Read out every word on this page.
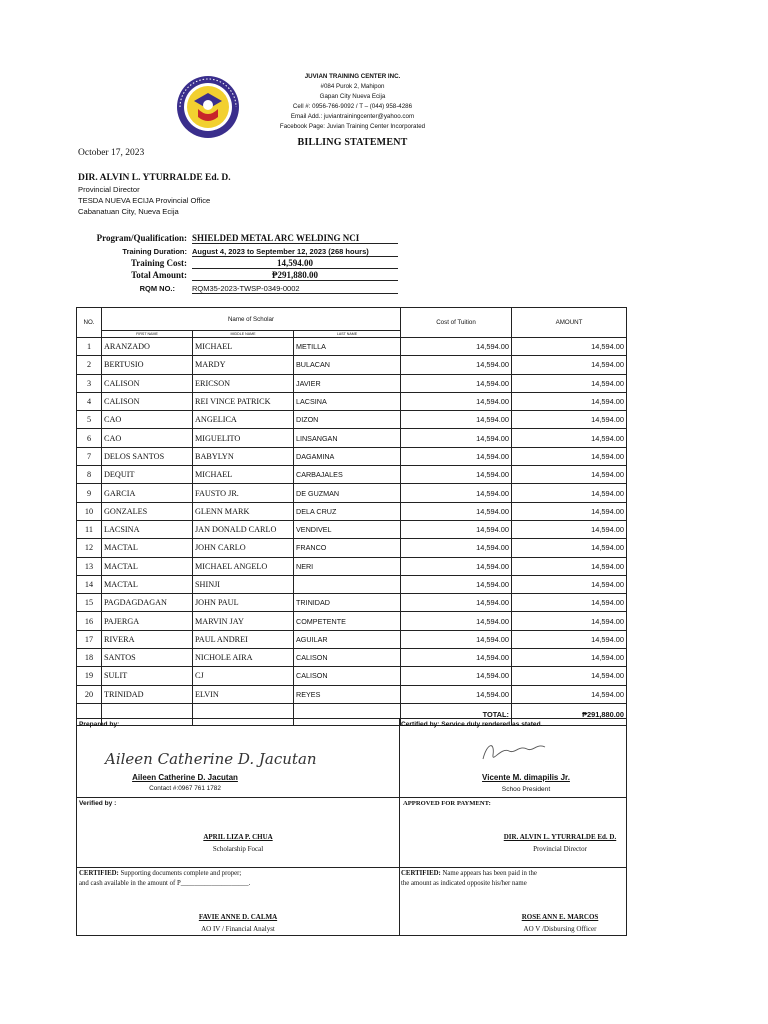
JUVIAN TRAINING CENTER INC.
#084 Purok 2, Mahipon
Gapan City Nueva Ecija
Cell #: 0956-766-9092 / T – (044) 958-4286
Email Add.: juviantrainingcenter@yahoo.com
Facebook Page: Juvian Training Center Incorporated
BILLING STATEMENT
October 17, 2023
DIR. ALVIN L. YTURRALDE Ed. D.
Provincial Director
TESDA NUEVA ECIJA Provincial Office
Cabanatuan City, Nueva Ecija
Program/Qualification: SHIELDED METAL ARC WELDING NCI
Training Duration: August 4, 2023 to September 12, 2023 (268 hours)
Training Cost:	14,594.00
Total Amount:	₱291,880.00
RQM NO.: RQM35-2023-TWSP-0349-0002
NO.	Name of Scholar			Cost of Tuition	AMOUNT
	FIRST NAME	MIDDLE NAME	LAST NAME		
1	ARANZADO	MICHAEL	METILLA	14,594.00	14,594.00
2	BERTUSIO	MARDY	BULACAN	14,594.00	14,594.00
3	CALISON	ERICSON	JAVIER	14,594.00	14,594.00
4	CALISON	REI VINCE PATRICK	LACSINA	14,594.00	14,594.00
5	CAO	ANGELICA	DIZON	14,594.00	14,594.00
6	CAO	MIGUELITO	LINSANGAN	14,594.00	14,594.00
7	DELOS SANTOS	BABYLYN	DAGAMINA	14,594.00	14,594.00
8	DEQUIT	MICHAEL	CARBAJALES	14,594.00	14,594.00
9	GARCIA	FAUSTO JR.	DE GUZMAN	14,594.00	14,594.00
10	GONZALES	GLENN MARK	DELA CRUZ	14,594.00	14,594.00
11	LACSINA	JAN DONALD CARLO	VENDIVEL	14,594.00	14,594.00
12	MACTAL	JOHN CARLO	FRANCO	14,594.00	14,594.00
13	MACTAL	MICHAEL ANGELO	NERI	14,594.00	14,594.00
14	MACTAL	SHINJI		14,594.00	14,594.00
15	PAGDAGDAGAN	JOHN PAUL	TRINIDAD	14,594.00	14,594.00
16	PAJERGA	MARVIN JAY	COMPETENTE	14,594.00	14,594.00
17	RIVERA	PAUL ANDREI	AGUILAR	14,594.00	14,594.00
18	SANTOS	NICHOLE AIRA	CALISON	14,594.00	14,594.00
19	SULIT	CJ	CALISON	14,594.00	14,594.00
20	TRINIDAD	ELVIN	REYES	14,594.00	14,594.00
				TOTAL:	₱291,880.00
Prepared by:
Aileen Catherine D. Jacutan
Aileen Catherine D. Jacutan
Contact #:0967 761 1782
Certified by: Service duly rendered as stated.
Vicente M. dimapilis Jr.
Vicente M. dimapilis Jr.
Schoo President
Verified by :
APRIL LIZA P. CHUA
Scholarship Focal
APPROVED FOR PAYMENT:
DIR. ALVIN L. YTURRALDE Ed. D.
Provincial Director
CERTIFIED: Supporting documents complete and proper;
and cash available in the amount of P____________________.
FAVIE ANNE D. CALMA
AO IV / Financial Analyst
CERTIFIED: Name appears has been paid in the
the amount as indicated opposite his/her name
ROSE ANN E. MARCOS
AO V /Disbursing Officer
